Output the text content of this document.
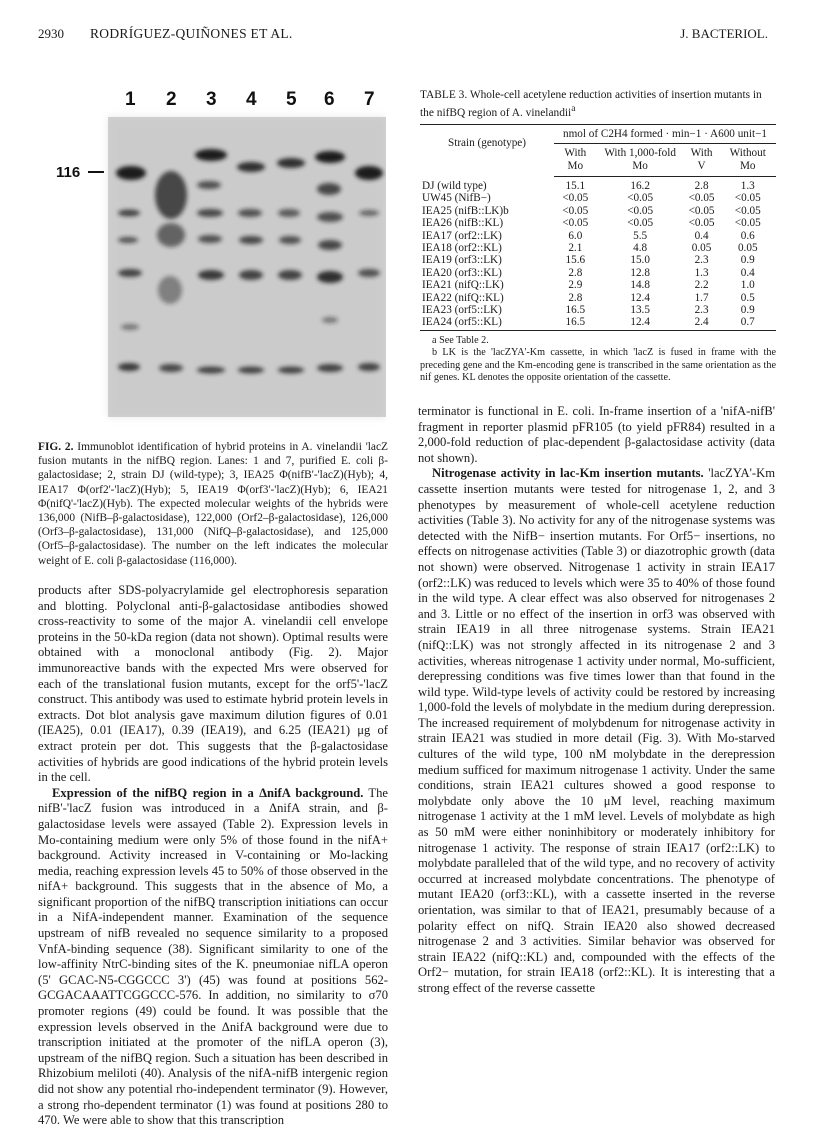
2930 RODRÍGUEZ-QUIÑONES ET AL.	J. BACTERIOL.
1 2 3 4 5 6 7
116
FIG. 2. Immunoblot identification of hybrid proteins in A. vinelandii 'lacZ fusion mutants in the nifBQ region. Lanes: 1 and 7, purified E. coli β-galactosidase; 2, strain DJ (wild-type); 3, IEA25 Φ(nifB'-'lacZ)(Hyb); 4, IEA17 Φ(orf2'-'lacZ)(Hyb); 5, IEA19 Φ(orf3'-'lacZ)(Hyb); 6, IEA21 Φ(nifQ'-'lacZ)(Hyb). The expected molecular weights of the hybrids were 136,000 (NifB–β-galactosidase), 122,000 (Orf2–β-galactosidase), 126,000 (Orf3–β-galactosidase), 131,000 (NifQ–β-galactosidase), and 125,000 (Orf5–β-galactosidase). The number on the left indicates the molecular weight of E. coli β-galactosidase (116,000).

products after SDS-polyacrylamide gel electrophoresis separation and blotting. Polyclonal anti-β-galactosidase antibodies showed cross-reactivity to some of the major A. vinelandii cell envelope proteins in the 50-kDa region (data not shown). Optimal results were obtained with a monoclonal antibody (Fig. 2). Major immunoreactive bands with the expected Mrs were observed for each of the translational fusion mutants, except for the orf5'-'lacZ construct. This antibody was used to estimate hybrid protein levels in extracts. Dot blot analysis gave maximum dilution figures of 0.01 (IEA25), 0.01 (IEA17), 0.39 (IEA19), and 6.25 (IEA21) μg of extract protein per dot. This suggests that the β-galactosidase activities of hybrids are good indications of the hybrid protein levels in the cell.

Expression of the nifBQ region in a ΔnifA background. The nifB'-'lacZ fusion was introduced in a ΔnifA strain, and β-galactosidase levels were assayed (Table 2). Expression levels in Mo-containing medium were only 5% of those found in the nifA+ background. Activity increased in V-containing or Mo-lacking media, reaching expression levels 45 to 50% of those observed in the nifA+ background. This suggests that in the absence of Mo, a significant proportion of the nifBQ transcription initiations can occur in a NifA-independent manner. Examination of the sequence upstream of nifB revealed no sequence similarity to a proposed VnfA-binding sequence (38). Significant similarity to one of the low-affinity NtrC-binding sites of the K. pneumoniae nifLA operon (5' GCAC-N5-CGGCCC 3') (45) was found at positions 562-GCGACAAATTCGGCCC-576. In addition, no similarity to σ70 promoter regions (49) could be found. It was possible that the expression levels observed in the ΔnifA background were due to transcription initiated at the promoter of the nifLA operon (3), upstream of the nifBQ region. Such a situation has been described in Rhizobium meliloti (40). Analysis of the nifA-nifB intergenic region did not show any potential rho-independent terminator (9). However, a strong rho-dependent terminator (1) was found at positions 280 to 470. We were able to show that this transcription

TABLE 3. Whole-cell acetylene reduction activities of insertion mutants in the nifBQ region of A. vinelandii$^a$
Strain (genotype)	nmol of C2H4 formed · min−1 · A600 unit−1			
	With Mo	With 1,000-fold Mo	With V	Without Mo
DJ (wild type)	15.1	16.2	2.8	1.3
UW45 (NifB−)	<0.05	<0.05	<0.05	<0.05
IEA25 (nifB::LK)b	<0.05	<0.05	<0.05	<0.05
IEA26 (nifB::KL)	<0.05	<0.05	<0.05	<0.05
IEA17 (orf2::LK)	6.0	5.5	0.4	0.6
IEA18 (orf2::KL)	2.1	4.8	0.05	0.05
IEA19 (orf3::LK)	15.6	15.0	2.3	0.9
IEA20 (orf3::KL)	2.8	12.8	1.3	0.4
IEA21 (nifQ::LK)	2.9	14.8	2.2	1.0
IEA22 (nifQ::KL)	2.8	12.4	1.7	0.5
IEA23 (orf5::LK)	16.5	13.5	2.3	0.9
IEA24 (orf5::KL)	16.5	12.4	2.4	0.7
a See Table 2.
b LK is the 'lacZYA'-Km cassette, in which 'lacZ is fused in frame with the preceding gene and the Km-encoding gene is transcribed in the same orientation as the nif genes. KL denotes the opposite orientation of the cassette.

terminator is functional in E. coli. In-frame insertion of a 'nifA-nifB' fragment in reporter plasmid pFR105 (to yield pFR84) resulted in a 2,000-fold reduction of plac-dependent β-galactosidase activity (data not shown).

Nitrogenase activity in lac-Km insertion mutants. 'lacZYA'-Km cassette insertion mutants were tested for nitrogenase 1, 2, and 3 phenotypes by measurement of whole-cell acetylene reduction activities (Table 3). No activity for any of the nitrogenase systems was detected with the NifB− insertion mutants. For Orf5− insertions, no effects on nitrogenase activities (Table 3) or diazotrophic growth (data not shown) were observed. Nitrogenase 1 activity in strain IEA17 (orf2::LK) was reduced to levels which were 35 to 40% of those found in the wild type. A clear effect was also observed for nitrogenases 2 and 3. Little or no effect of the insertion in orf3 was observed with strain IEA19 in all three nitrogenase systems. Strain IEA21 (nifQ::LK) was not strongly affected in its nitrogenase 2 and 3 activities, whereas nitrogenase 1 activity under normal, Mo-sufficient, derepressing conditions was five times lower than that found in the wild type. Wild-type levels of activity could be restored by increasing 1,000-fold the levels of molybdate in the medium during derepression. The increased requirement of molybdenum for nitrogenase activity in strain IEA21 was studied in more detail (Fig. 3). With Mo-starved cultures of the wild type, 100 nM molybdate in the derepression medium sufficed for maximum nitrogenase 1 activity. Under the same conditions, strain IEA21 cultures showed a good response to molybdate only above the 10 μM level, reaching maximum nitrogenase 1 activity at the 1 mM level. Levels of molybdate as high as 50 mM were either noninhibitory or moderately inhibitory for nitrogenase 1 activity. The response of strain IEA17 (orf2::LK) to molybdate paralleled that of the wild type, and no recovery of activity occurred at increased molybdate concentrations. The phenotype of mutant IEA20 (orf3::KL), with a cassette inserted in the reverse orientation, was similar to that of IEA21, presumably because of a polarity effect on nifQ. Strain IEA20 also showed decreased nitrogenase 2 and 3 activities. Similar behavior was observed for strain IEA22 (nifQ::KL) and, compounded with the effects of the Orf2− mutation, for strain IEA18 (orf2::KL). It is interesting that a strong effect of the reverse cassette
